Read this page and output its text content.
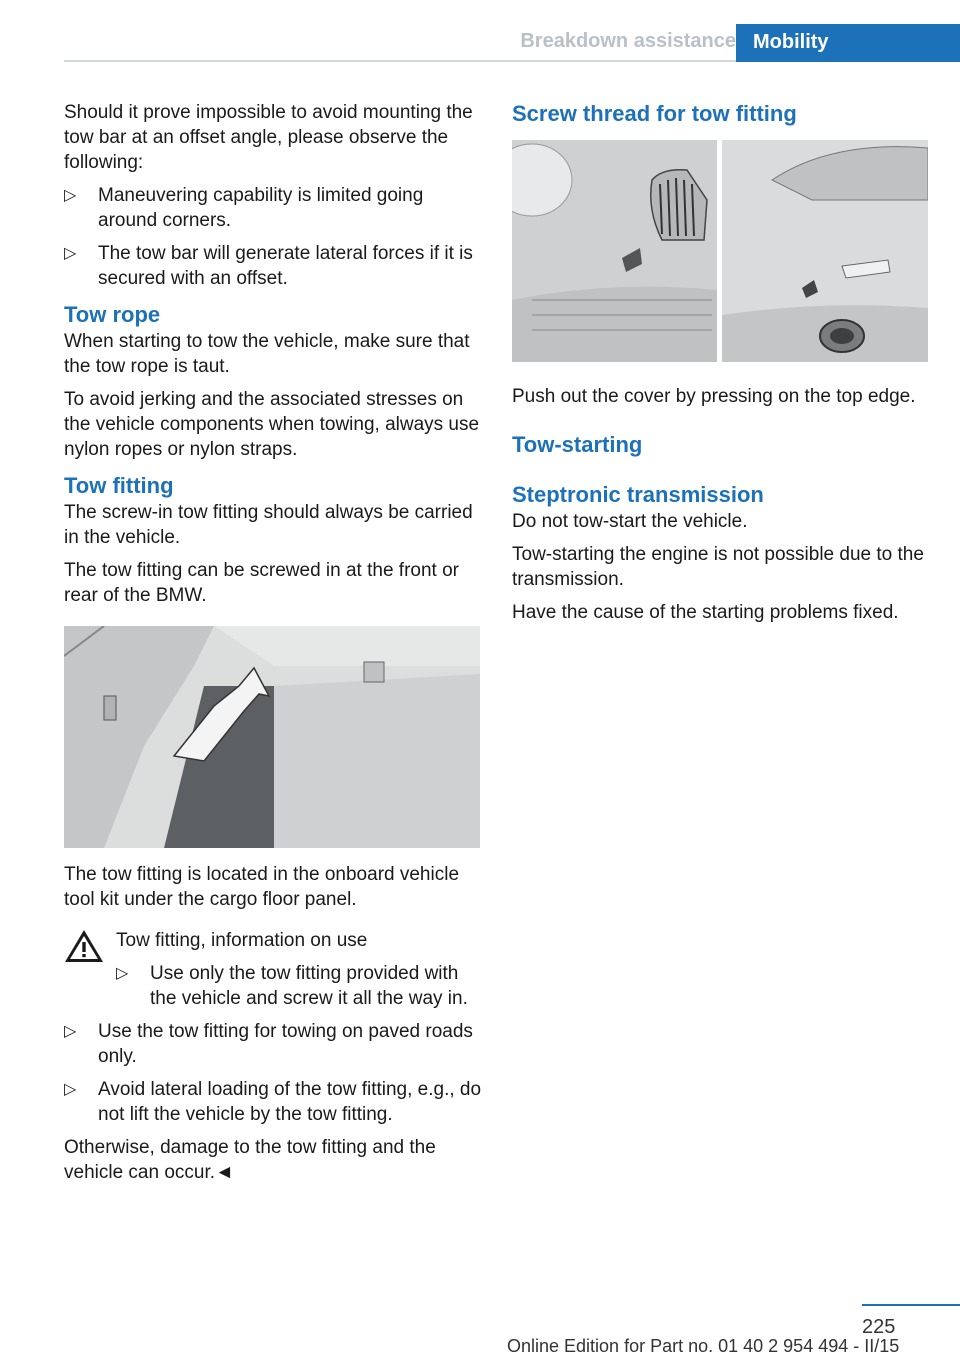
Breakdown assistance Mobility

Should it prove impossible to avoid mounting the tow bar at an offset angle, please observe the following:

▷ Maneuvering capability is limited going around corners.
▷ The tow bar will generate lateral forces if it is secured with an offset.
Tow rope

When starting to tow the vehicle, make sure that the tow rope is taut.

To avoid jerking and the associated stresses on the vehicle components when towing, always use nylon ropes or nylon straps.

Tow fitting

The screw-in tow fitting should always be carried in the vehicle.

The tow fitting can be screwed in at the front or rear of the BMW.

The tow fitting is located in the onboard vehicle tool kit under the cargo floor panel.

Tow fitting, information on use
▷ Use only the tow fitting provided with the vehicle and screw it all the way in.
▷ Use the tow fitting for towing on paved roads only.
▷ Avoid lateral loading of the tow fitting, e.g., do not lift the vehicle by the tow fitting.

Otherwise, damage to the tow fitting and the vehicle can occur.◄

Screw thread for tow fitting

Push out the cover by pressing on the top edge.

Tow-starting
Steptronic transmission

Do not tow-start the vehicle.

Tow-starting the engine is not possible due to the transmission.

Have the cause of the starting problems fixed.

225
Online Edition for Part no. 01 40 2 954 494 - II/15
